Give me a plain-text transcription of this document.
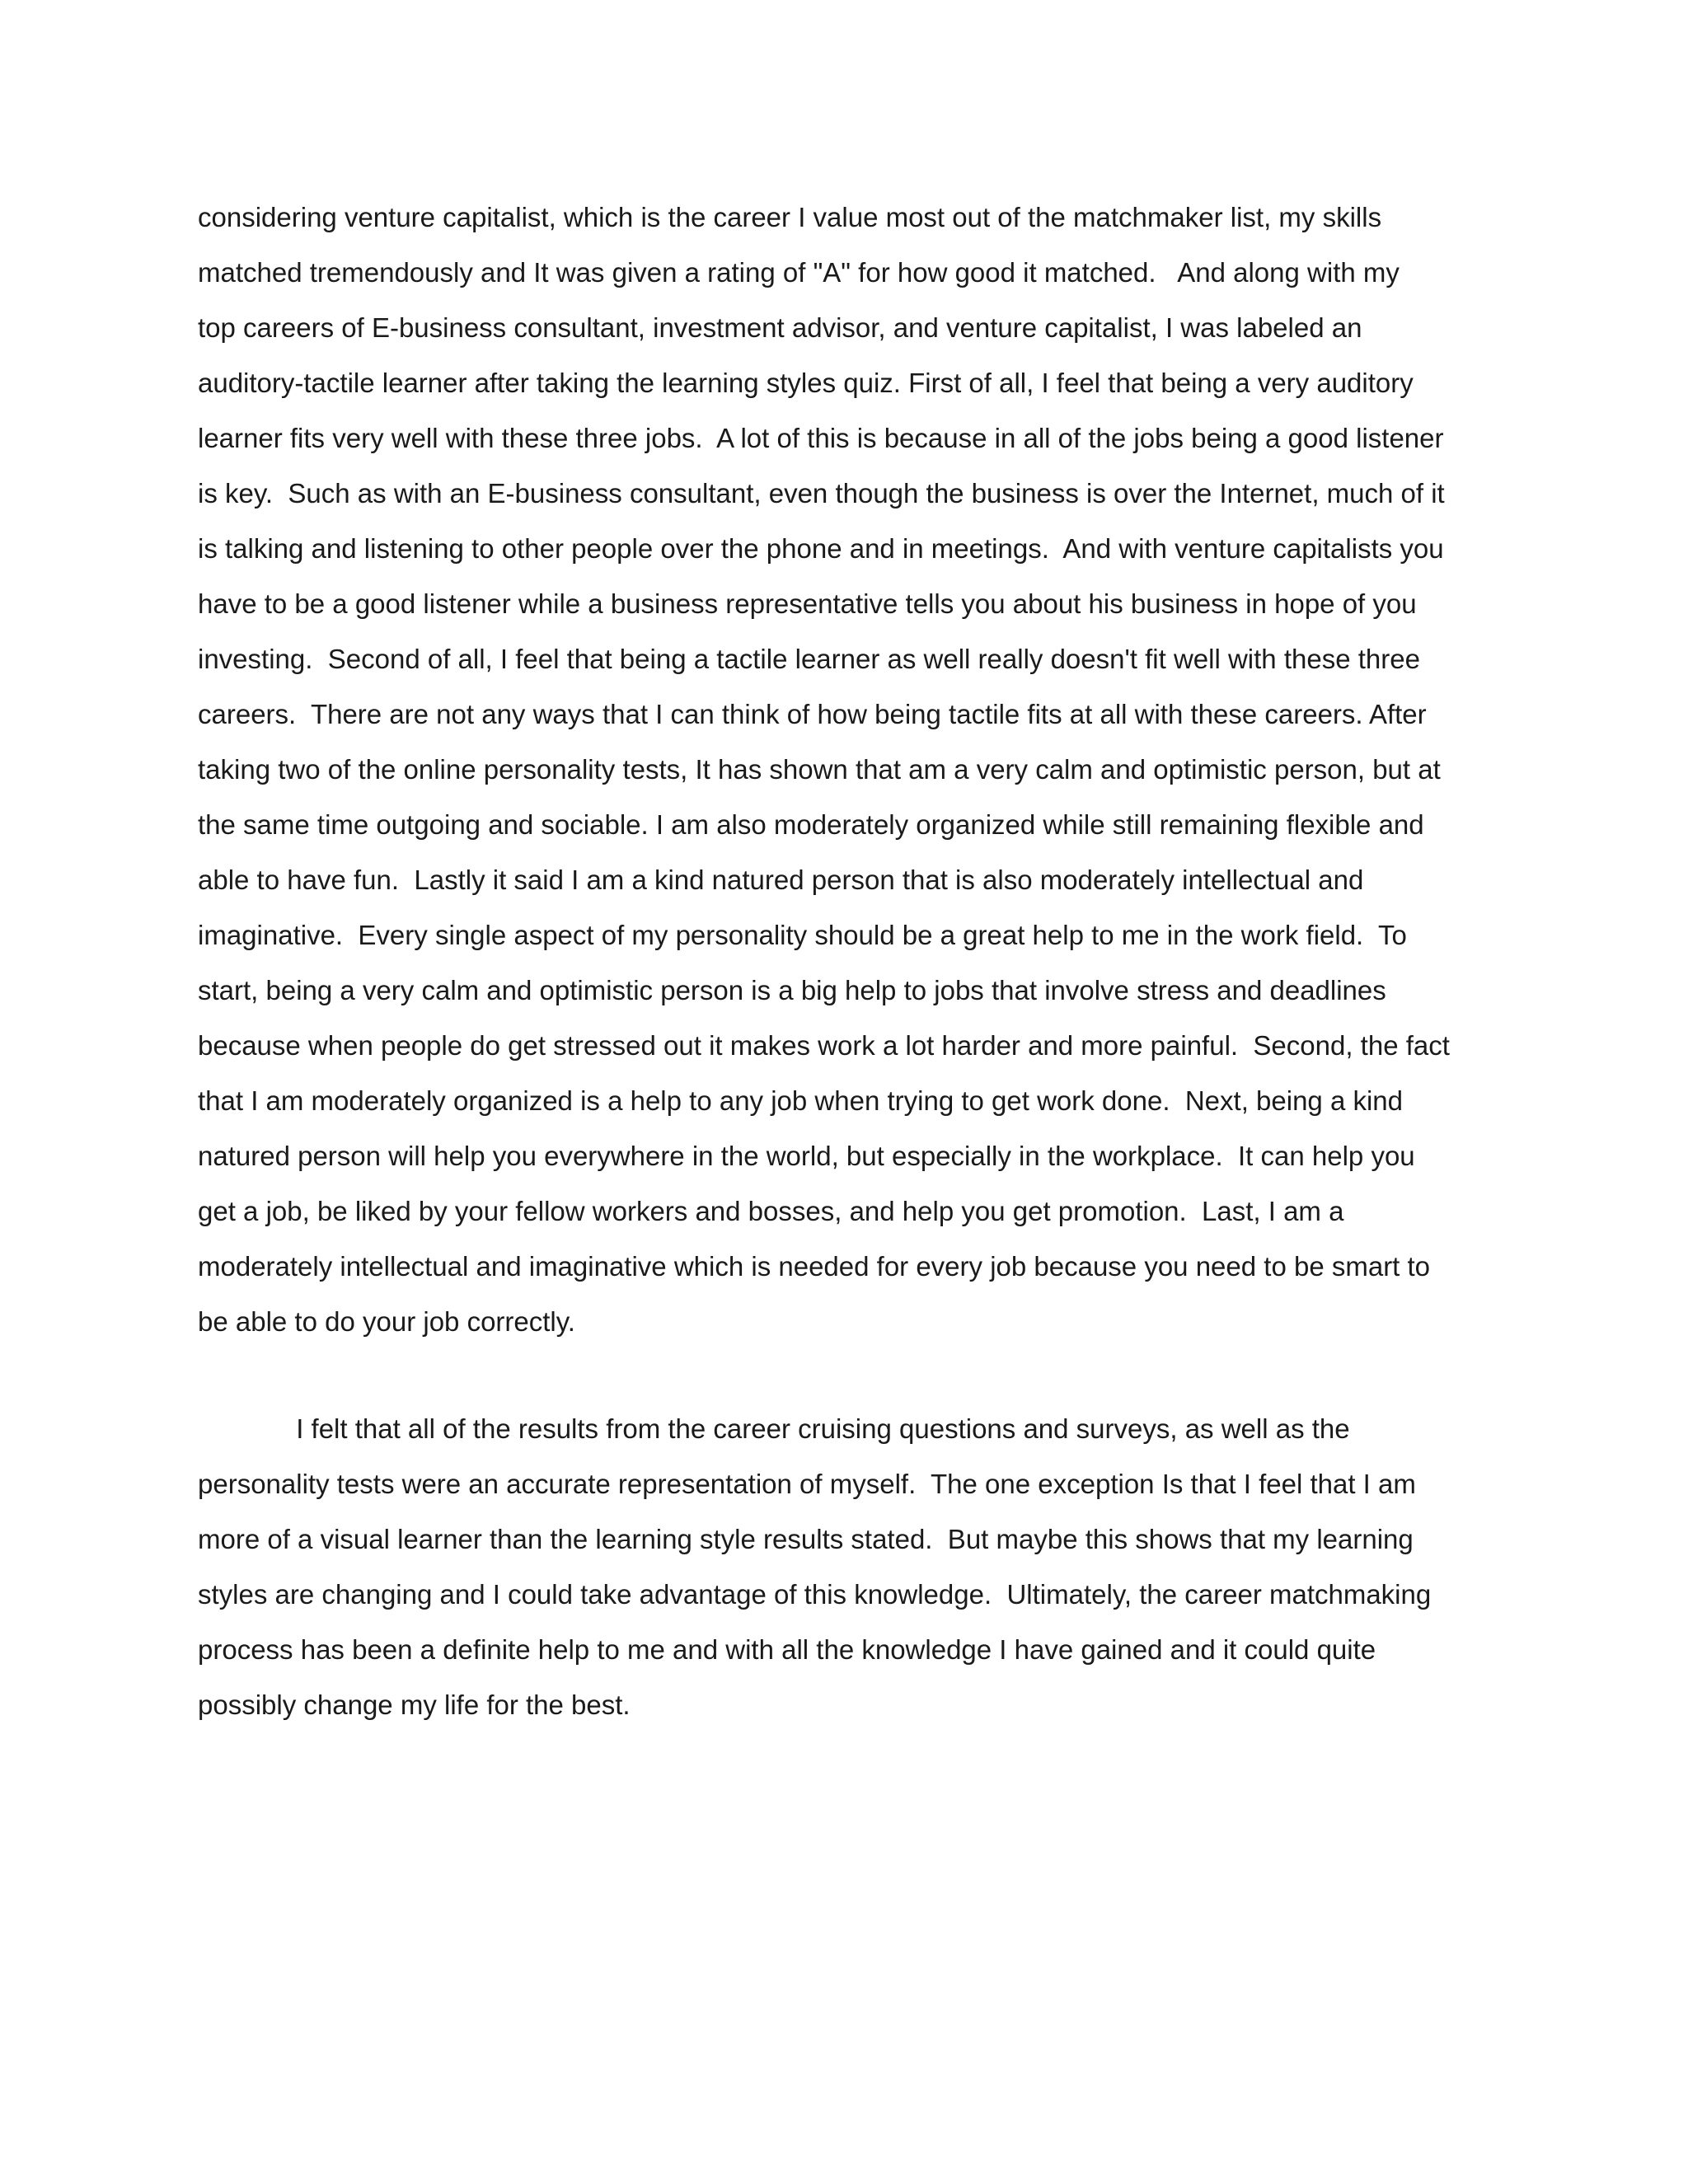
considering venture capitalist, which is the career I value most out of the matchmaker list, my skills
matched tremendously and It was given a rating of "A" for how good it matched.   And along with my
top careers of E-business consultant, investment advisor, and venture capitalist, I was labeled an
auditory-tactile learner after taking the learning styles quiz. First of all, I feel that being a very auditory
learner fits very well with these three jobs.  A lot of this is because in all of the jobs being a good listener
is key.  Such as with an E-business consultant, even though the business is over the Internet, much of it
is talking and listening to other people over the phone and in meetings.  And with venture capitalists you
have to be a good listener while a business representative tells you about his business in hope of you
investing.  Second of all, I feel that being a tactile learner as well really doesn't fit well with these three
careers.  There are not any ways that I can think of how being tactile fits at all with these careers. After
taking two of the online personality tests, It has shown that am a very calm and optimistic person, but at
the same time outgoing and sociable. I am also moderately organized while still remaining flexible and
able to have fun.  Lastly it said I am a kind natured person that is also moderately intellectual and
imaginative.  Every single aspect of my personality should be a great help to me in the work field.  To
start, being a very calm and optimistic person is a big help to jobs that involve stress and deadlines
because when people do get stressed out it makes work a lot harder and more painful.  Second, the fact
that I am moderately organized is a help to any job when trying to get work done.  Next, being a kind
natured person will help you everywhere in the world, but especially in the workplace.  It can help you
get a job, be liked by your fellow workers and bosses, and help you get promotion.  Last, I am a
moderately intellectual and imaginative which is needed for every job because you need to be smart to
be able to do your job correctly.
I felt that all of the results from the career cruising questions and surveys, as well as the
personality tests were an accurate representation of myself.  The one exception Is that I feel that I am
more of a visual learner than the learning style results stated.  But maybe this shows that my learning
styles are changing and I could take advantage of this knowledge.  Ultimately, the career matchmaking
process has been a definite help to me and with all the knowledge I have gained and it could quite
possibly change my life for the best.
